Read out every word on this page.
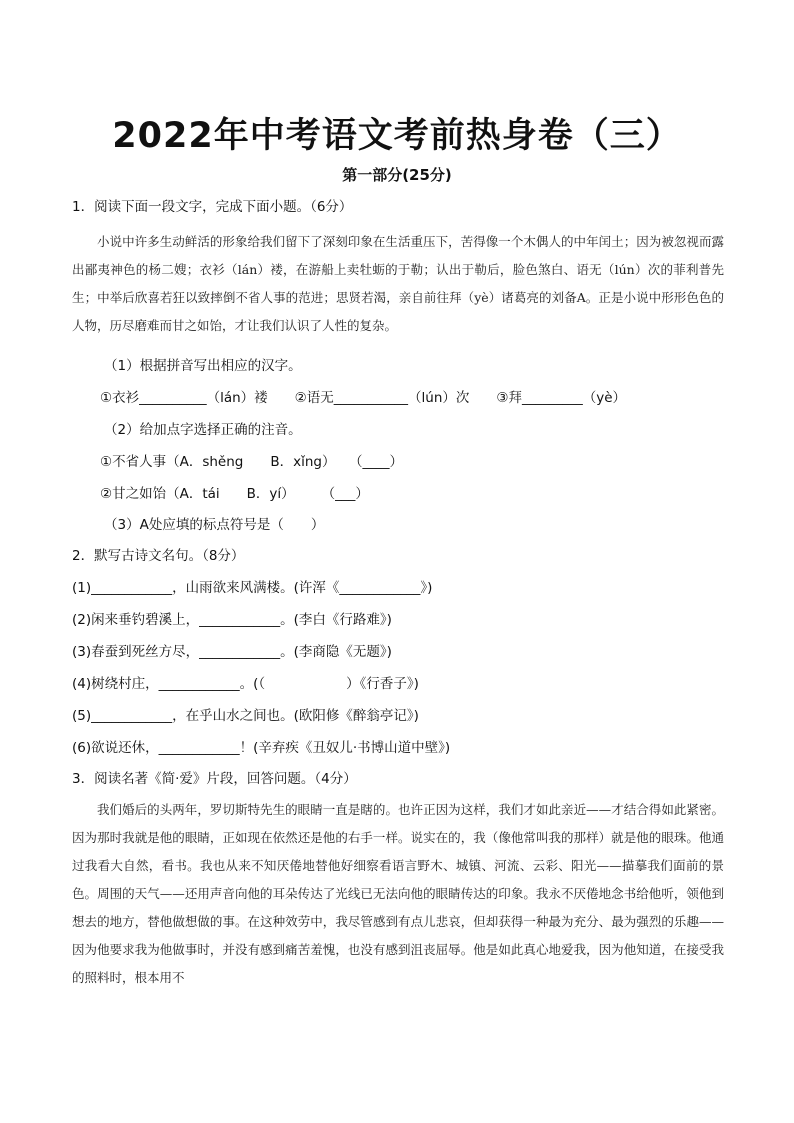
2022年中考语文考前热身卷（三）
第一部分(25分)
1．阅读下面一段文字，完成下面小题。（6分）
小说中许多生动鲜活的形象给我们留下了深刻印象在生活重压下，苦得像一个木偶人的中年闰土；因为被忽视而露出鄙夷神色的杨二嫂；衣衫（lán）褛，在游船上卖牡蛎的于勒；认出于勒后，脸色煞白、语无（lún）次的菲利普先生；中举后欣喜若狂以致摔倒不省人事的范进；思贤若渴，亲自前往拜（yè）诸葛亮的刘备A。正是小说中形形色色的人物，历尽磨难而甘之如饴，才让我们认识了人性的复杂。
（1）根据拼音写出相应的汉字。
①衣衫__________（lán）褛　　②语无___________（lún）次　　③拜_________（yè）
（2）给加点字选择正确的注音。
①不省人事（A．shěng　　B．xǐng）　　（____）
②甘之如饴（A．tái　　B．yí）　　　（___）
（3）A处应填的标点符号是（　　）
2．默写古诗文名句。（8分）
(1)____________，山雨欲来风满楼。(许浑《____________》)
(2)闲来垂钓碧溪上，____________。(李白《行路难》)
(3)春蚕到死丝方尽，____________。(李商隐《无题》)
(4)树绕村庄，____________。(（　　　　　　）《行香子》)
(5)____________，在乎山水之间也。(欧阳修《醉翁亭记》)
(6)欲说还休，____________！(辛弃疾《丑奴儿·书博山道中壁》)
3．阅读名著《简·爱》片段，回答问题。（4分）
我们婚后的头两年，罗切斯特先生的眼睛一直是瞎的。也许正因为这样，我们才如此亲近——才结合得如此紧密。因为那时我就是他的眼睛，正如现在依然还是他的右手一样。说实在的，我（像他常叫我的那样）就是他的眼珠。他通过我看大自然，看书。我也从来不知厌倦地替他好细察看语言野木、城镇、河流、云彩、阳光——描摹我们面前的景色。周围的天气——还用声音向他的耳朵传达了光线已无法向他的眼睛传达的印象。我永不厌倦地念书给他听，领他到想去的地方，替他做想做的事。在这种效劳中，我尽管感到有点儿悲哀，但却获得一种最为充分、最为强烈的乐趣——因为他要求我为他做事时，并没有感到痛苦羞愧，也没有感到沮丧屈辱。他是如此真心地爱我，因为他知道，在接受我的照料时，根本用不
